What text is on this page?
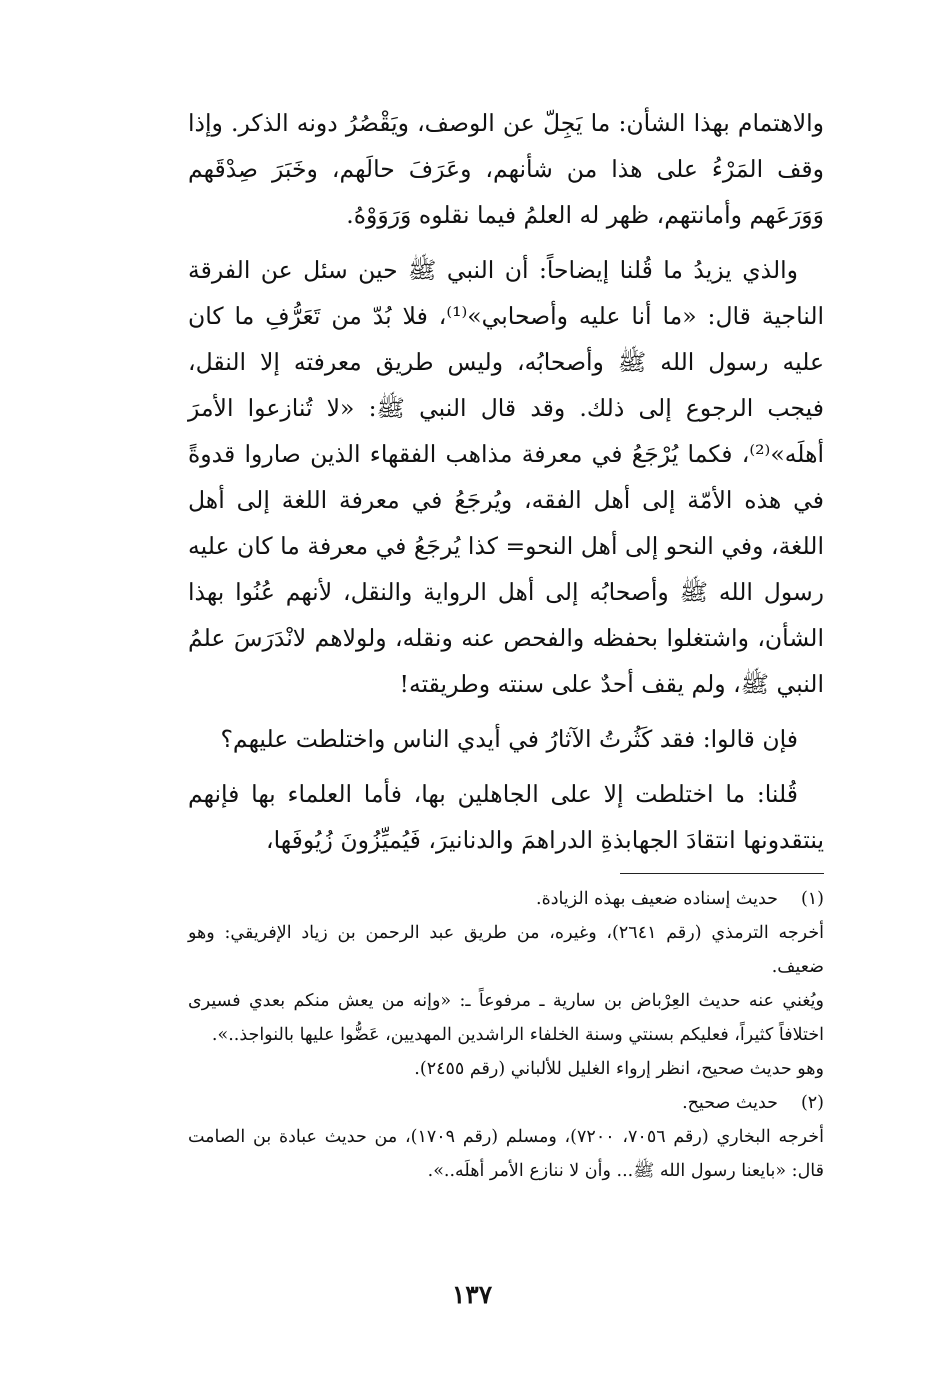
والاهتمام بهذا الشأن: ما يَجِلّ عن الوصف، ويَقْصُرُ دونه الذكر. وإذا وقف المَرْءُ على هذا من شأنهم، وعَرَفَ حالَهم، وخَبَرَ صِدْقَهم وَوَرَعَهم وأمانتهم، ظهر له العلمُ فيما نقلوه وَرَوَوْهُ.

والذي يزيدُ ما قُلنا إيضاحاً: أن النبي ﷺ حين سئل عن الفرقة الناجية قال: «ما أنا عليه وأصحابي»⁽¹⁾، فلا بُدّ من تَعَرُّفِ ما كان عليه رسول الله ﷺ وأصحابُه، وليس طريق معرفته إلا النقل، فيجب الرجوع إلى ذلك. وقد قال النبي ﷺ: «لا تُنازعوا الأمرَ أهلَه»⁽²⁾، فكما يُرْجَعُ في معرفة مذاهب الفقهاء الذين صاروا قدوةً في هذه الأمّة إلى أهل الفقه، ويُرجَعُ في معرفة اللغة إلى أهل اللغة، وفي النحو إلى أهل النحو= كذا يُرجَعُ في معرفة ما كان عليه رسول الله ﷺ وأصحابُه إلى أهل الرواية والنقل، لأنهم عُنُوا بهذا الشأن، واشتغلوا بحفظه والفحص عنه ونقله، ولولاهم لانْدَرَسَ علمُ النبي ﷺ، ولم يقف أحدٌ على سنته وطريقته!

فإن قالوا: فقد كَثُرتُ الآثارُ في أيدي الناس واختلطت عليهم؟

قُلنا: ما اختلطت إلا على الجاهلين بها، فأما العلماء بها فإنهم ينتقدونها انتقادَ الجهابذةِ الدراهمَ والدنانيرَ، فَيُميِّزُونَ زُيُوفَها،

(١)
حديث إسناده ضعيف بهذه الزيادة.
أخرجه الترمذي (رقم ٢٦٤١)، وغيره، من طريق عبد الرحمن بن زياد الإفريقي: وهو ضعيف.
ويُغني عنه حديث العِرْباض بن سارية ـ مرفوعاً ـ: «وإنه من يعش منكم بعدي فسيرى اختلافاً كثيراً، فعليكم بسنتي وسنة الخلفاء الراشدين المهديين، عَضُّوا عليها بالنواجذ..».
وهو حديث صحيح، انظر إرواء الغليل للألباني (رقم ٢٤٥٥).
(٢)
حديث صحيح.
أخرجه البخاري (رقم ٧٠٥٦، ٧٢٠٠)، ومسلم (رقم ١٧٠٩)، من حديث عبادة بن الصامت قال: «بايعنا رسول الله ﷺ... وأن لا ننازع الأمر أهلَه..».
١٣٧
